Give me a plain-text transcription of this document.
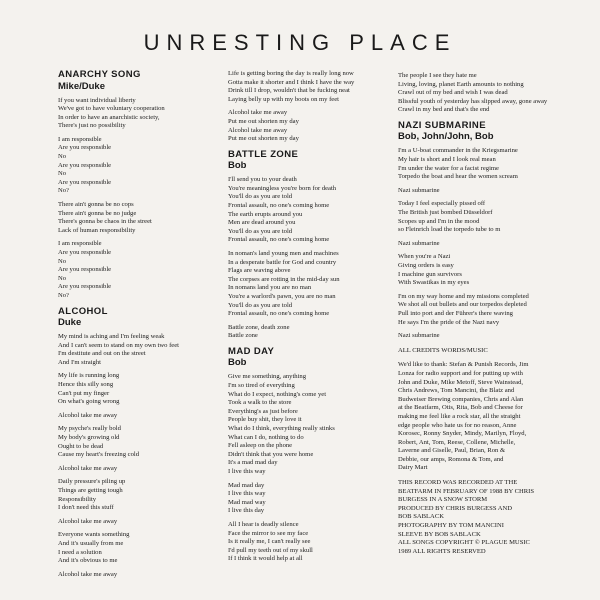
UNRESTING PLACE
ANARCHY SONG
Mike/Duke
If you want individual liberty
We've got to have voluntary cooperation
In order to have an anarchistic society,
There's just no possibility
I am responsible
Are you responsible
No
Are you responsible
No
Are you responsible
No?
There ain't gonna be no cops
There ain't gonna be no judge
There's gonna be chaos in the street
Lack of human responsibility
I am responsible
Are you responsible
No
Are you responsible
No
Are you responsible
No?
ALCOHOL
Duke
My mind is aching and I'm feeling weak
And I can't seem to stand on my own two feet
I'm destitute and out on the street
And I'm straight
My life is running long
Hence this silly song
Can't put my finger
On what's going wrong
Alcohol take me away
My psyche's really bold
My body's growing old
Ought to be dead
Cause my heart's freezing cold
Alcohol take me away
Daily pressure's piling up
Things are getting tough
Responsibility
I don't need this stuff
Alcohol take me away
Everyone wants something
And it's usually from me
I need a solution
And it's obvious to me
Alcohol take me away
Life is getting boring the day is really long now
Gotta make it shorter and I think I have the way
Drink till I drop, wouldn't that be fucking neat
Laying belly up with my boots on my feet
Alcohol take me away
Put me out shorten my day
Alcohol take me away
Put me out shorten my day
BATTLE ZONE
Bob
I'll send you to your death
You're meaningless you're born for death
You'll do as you are told
Frontal assault, no one's coming home
The earth erupts around you
Men are dead around you
You'll do as you are told
Frontal assault, no one's coming home
In noman's land young men and machines
In a desperate battle for God and country
Flags are waving above
The corpses are rotting in the mid-day sun
In nomans land you are no man
You're a warlord's pawn, you are no man
You'll do as you are told
Frontal assault, no one's coming home
Battle zone, death zone
Battle zone
MAD DAY
Bob
Give me something, anything
I'm so tired of everything
What do I expect, nothing's come yet
Took a walk to the store
Everything's as just before
People buy shit, they love it
What do I think, everything really stinks
What can I do, nothing to do
Fell asleep on the phone
Didn't think that you were home
It's a mad mad day
I live this way
Mad mad day
I live this way
Mad mad way
I live this day
All I hear is deadly silence
Face the mirror to see my face
Is it really me, I can't really see
I'd pull my teeth out of my skull
If I think it would help at all
The people I see they hate me
Living, loving, planet Earth amounts to nothing
Crawl out of my bed and wish I was dead
Blissful youth of yesterday has slipped away, gone away
Crawl in my bed and that's the end
NAZI SUBMARINE
Bob, John/John, Bob
I'm a U-boat commander in the Kriegsmarine
My hair is short and I look real mean
I'm under the water for a facist regime
Torpedo the boat and hear the women scream
Nazi submarine
Today I feel especially pissed off
The British just bombed Düsseldorf
Scopes up and I'm in the mood
so Fleinrich load the torpedo tube to m
Nazi submarine
When you're a Nazi
Giving orders is easy
I machine gun survivors
With Swastikas in my eyes
I'm on my way home and my missions completed
We shot all out bullets and our torpedos depleted
Pull into port and der Führer's there waving
He says I'm the pride of the Nazi navy
Nazi submarine
ALL CREDITS WORDS/MUSIC
We'd like to thank: Stefan & Punish Records, Jim
Lonza for radio support and for putting up with
John and Duke, Mike Metoff, Steve Wainstead,
Chris Andrews, Tom Mancini, the Blatz and
Budweiser Brewing companies, Chris and Alan
at the Beatfarm, Otis, Rita, Bob and Cheese for
making me feel like a rock star, all the straight
edge people who hate us for no reason, Anne
Korosec, Ronny Snyder, Mindy, Marilyn, Floyd,
Robert, Ant, Tom, Reese, Collene, Michelle,
Laverne and Giselle, Paul, Brian, Ron &
Debbie, our amps, Romona & Tom, and
Dairy Mart
THIS RECORD WAS RECORDED AT THE
BEATFARM IN FEBRUARY OF 1988 BY CHRIS
BURGESS IN A SNOW STORM
PRODUCED BY CHRIS BURGESS AND
BOB SABLACK
PHOTOGRAPHY BY TOM MANCINI
SLEEVE BY BOB SABLACK
ALL SONGS COPYRIGHT © PLAGUE MUSIC
1989 ALL RIGHTS RESERVED
